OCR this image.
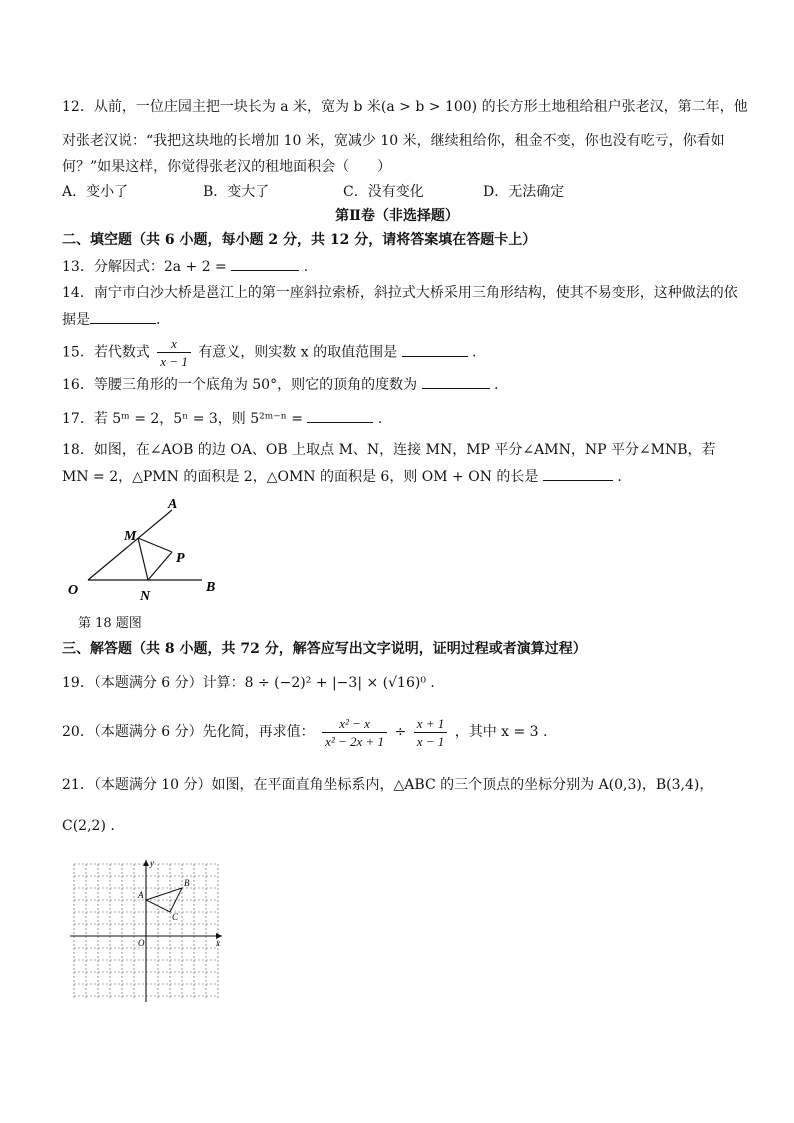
12．从前，一位庄园主把一块长为 a 米，宽为 b 米(a > b > 100) 的长方形土地租给租户张老汉，第二年，他
对张老汉说：“我把这块地的长增加 10 米，宽减少 10 米，继续租给你，租金不变，你也没有吃亏，你看如
何？”如果这样，你觉得张老汉的租地面积会（　　）
A．变小了	B．变大了	C．没有变化	D．无法确定
第Ⅱ卷（非选择题）
二、填空题（共 6 小题，每小题 2 分，共 12 分，请将答案填在答题卡上）
13．分解因式：2a + 2 =	.
14．南宁市白沙大桥是邕江上的第一座斜拉索桥，斜拉式大桥采用三角形结构，使其不易变形，这种做法的依
据是	.
15．若代数式 $\frac{x}{x - 1}$ 有意义，则实数 x 的取值范围是	.
16．等腰三角形的一个底角为 50°，则它的顶角的度数为	.
17．若 5ᵐ = 2，5ⁿ = 3，则 5²ᵐ⁻ⁿ =	.
18．如图，在∠AOB 的边 OA、OB 上取点 M、N，连接 MN，MP 平分∠AMN，NP 平分∠MNB，若
MN = 2，△PMN 的面积是 2，△OMN 的面积是 6，则 OM + ON 的长是	.
A
M
P
O	N
B
第 18 题图
三、解答题（共 8 小题，共 72 分，解答应写出文字说明，证明过程或者演算过程）
19．（本题满分 6 分）计算：8 ÷ (−2)² + |−3| × (√16)⁰ .
20．（本题满分 6 分）先化简，再求值： $\frac{\text{x² − x}}{\text{x² − 2x + 1}} \div \frac{x + 1}{x - 1}$ ，其中 x = 3 .
21．（本题满分 10 分）如图，在平面直角坐标系内，△ABC 的三个顶点的坐标分别为 A(0,3)，B(3,4)，
C(2,2) .
y
x
O
A
B
C
